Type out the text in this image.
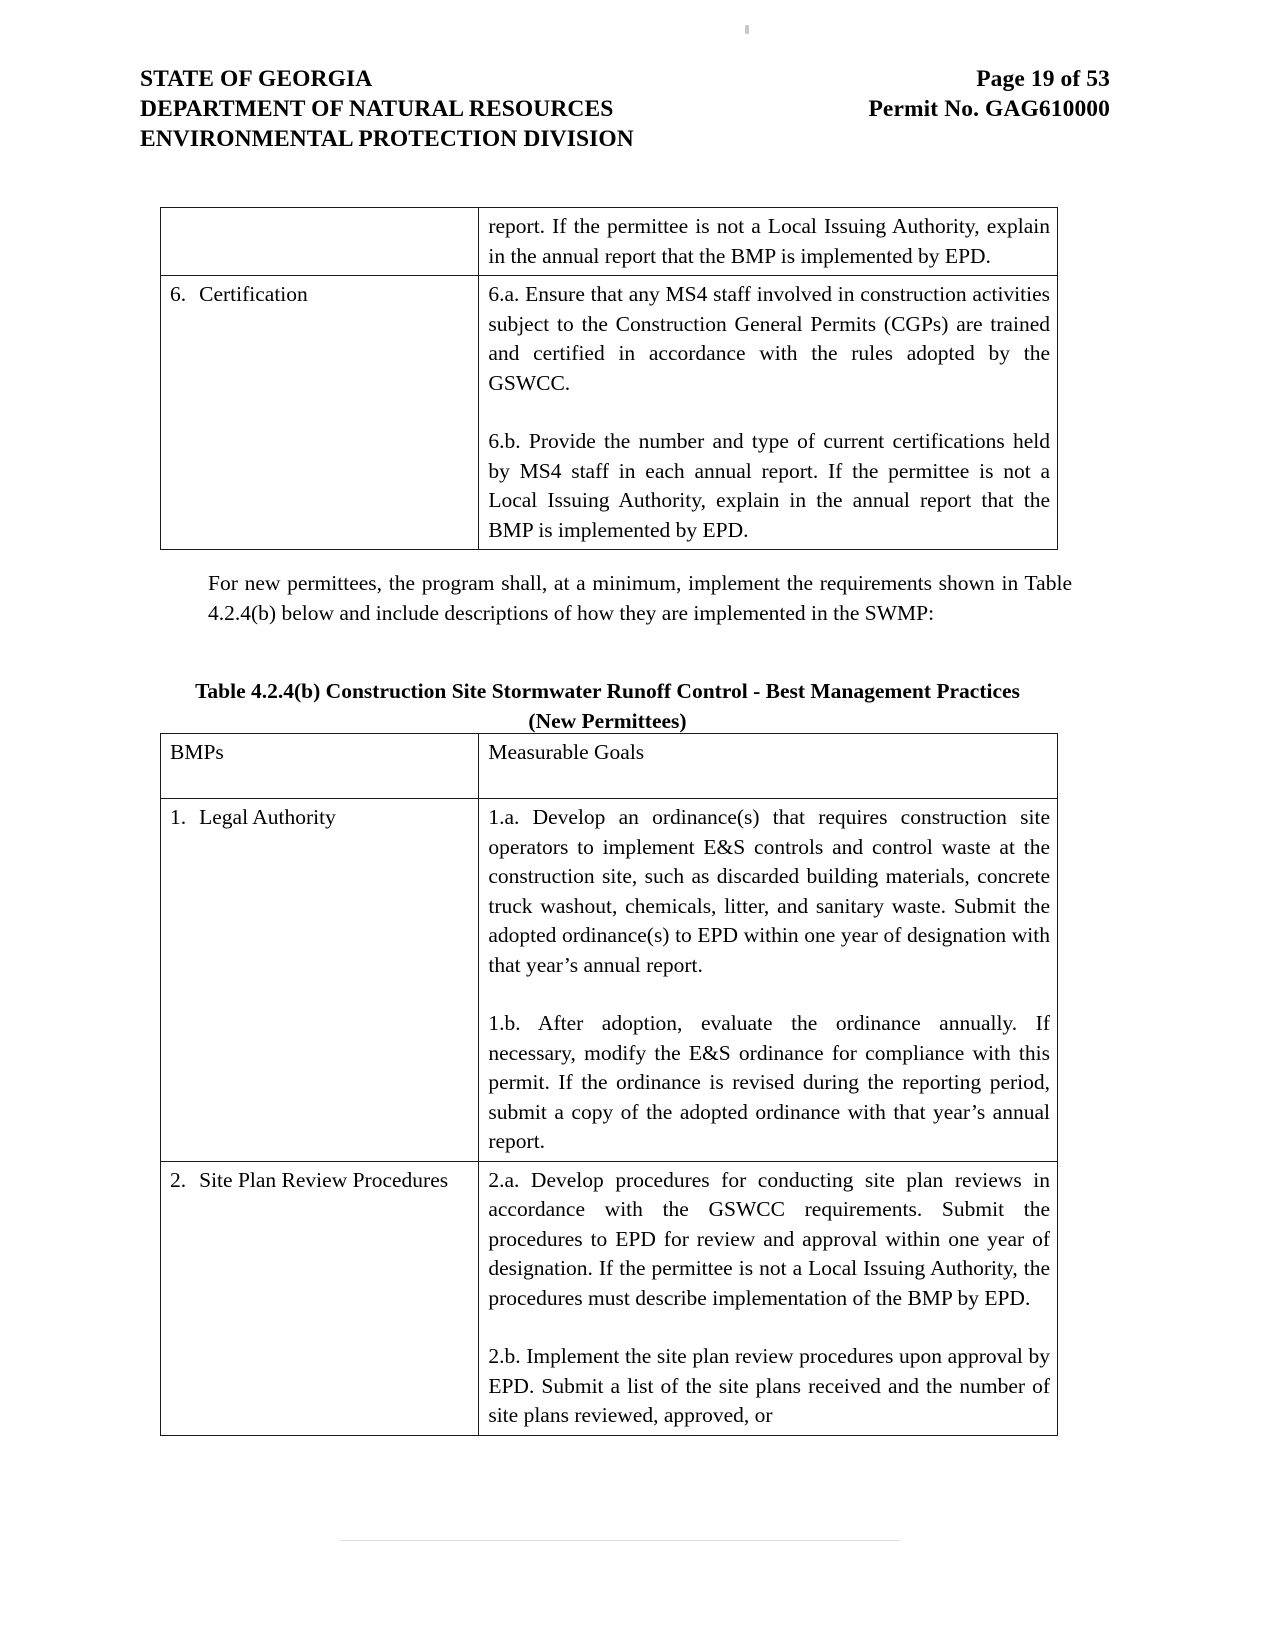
STATE OF GEORGIA
DEPARTMENT OF NATURAL RESOURCES
ENVIRONMENTAL PROTECTION DIVISION
Page 19 of 53
Permit No. GAG610000

	report. If the permittee is not a Local Issuing Authority, explain in the annual report that the BMP is implemented by EPD.

6. Certification	6.a. Ensure that any MS4 staff involved in construction activities subject to the Construction General Permits (CGPs) are trained and certified in accordance with the rules adopted by the GSWCC.

6.b. Provide the number and type of current certifications held by MS4 staff in each annual report. If the permittee is not a Local Issuing Authority, explain in the annual report that the BMP is implemented by EPD.

For new permittees, the program shall, at a minimum, implement the requirements shown in Table 4.2.4(b) below and include descriptions of how they are implemented in the SWMP:
Table 4.2.4(b) Construction Site Stormwater Runoff Control - Best Management Practices
(New Permittees)
BMPs	Measurable Goals

1. Legal Authority	1.a. Develop an ordinance(s) that requires construction site operators to implement E&S controls and control waste at the construction site, such as discarded building materials, concrete truck washout, chemicals, litter, and sanitary waste. Submit the adopted ordinance(s) to EPD within one year of designation with that year’s annual report.

1.b. After adoption, evaluate the ordinance annually. If necessary, modify the E&S ordinance for compliance with this permit. If the ordinance is revised during the reporting period, submit a copy of the adopted ordinance with that year’s annual report.

2. Site Plan Review Procedures	2.a. Develop procedures for conducting site plan reviews in accordance with the GSWCC requirements. Submit the procedures to EPD for review and approval within one year of designation. If the permittee is not a Local Issuing Authority, the procedures must describe implementation of the BMP by EPD.

2.b. Implement the site plan review procedures upon approval by EPD. Submit a list of the site plans received and the number of site plans reviewed, approved, or
